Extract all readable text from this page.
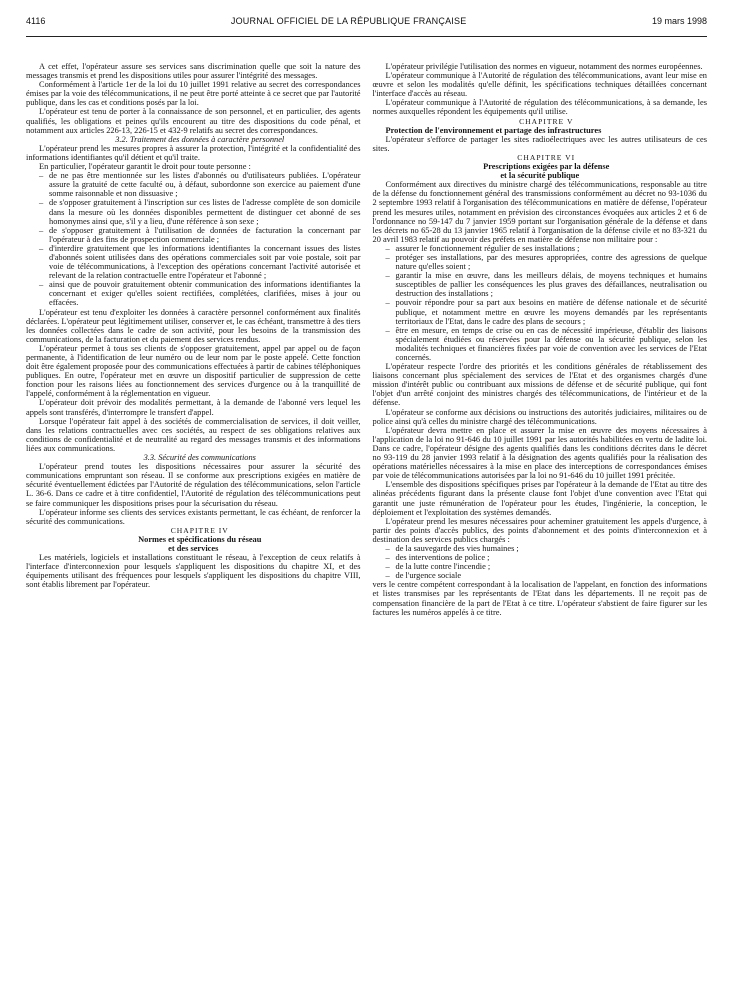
4116	JOURNAL OFFICIEL DE LA RÉPUBLIQUE FRANÇAISE	19 mars 1998

A cet effet, l'opérateur assure ses services sans discrimination quelle que soit la nature des messages transmis et prend les dispositions utiles pour assurer l'intégrité des messages.

Conformément à l'article 1er de la loi du 10 juillet 1991 relative au secret des correspondances émises par la voie des télécommunications, il ne peut être porté atteinte à ce secret que par l'autorité publique, dans les cas et conditions posés par la loi.

L'opérateur est tenu de porter à la connaissance de son personnel, et en particulier, des agents qualifiés, les obligations et peines qu'ils encourent au titre des dispositions du code pénal, et notamment aux articles 226-13, 226-15 et 432-9 relatifs au secret des correspondances.

3.2. Traitement des données à caractère personnel

L'opérateur prend les mesures propres à assurer la protection, l'intégrité et la confidentialité des informations identifiantes qu'il détient et qu'il traite.

En particulier, l'opérateur garantit le droit pour toute personne :

– de ne pas être mentionnée sur les listes d'abonnés ou d'utilisateurs publiées. L'opérateur assure la gratuité de cette faculté ou, à défaut, subordonne son exercice au paiement d'une somme raisonnable et non dissuasive ;
– de s'opposer gratuitement à l'inscription sur ces listes de l'adresse complète de son domicile dans la mesure où les données disponibles permettent de distinguer cet abonné de ses homonymes ainsi que, s'il y a lieu, d'une référence à son sexe ;
– de s'opposer gratuitement à l'utilisation de données de facturation la concernant par l'opérateur à des fins de prospection commerciale ;
– d'interdire gratuitement que les informations identifiantes la concernant issues des listes d'abonnés soient utilisées dans des opérations commerciales soit par voie postale, soit par voie de télécommunications, à l'exception des opérations concernant l'activité autorisée et relevant de la relation contractuelle entre l'opérateur et l'abonné ;
– ainsi que de pouvoir gratuitement obtenir communication des informations identifiantes la concernant et exiger qu'elles soient rectifiées, complétées, clarifiées, mises à jour ou effacées.

L'opérateur est tenu d'exploiter les données à caractère personnel conformément aux finalités déclarées. L'opérateur peut légitimement utiliser, conserver et, le cas échéant, transmettre à des tiers les données collectées dans le cadre de son activité, pour les besoins de la transmission des communications, de la facturation et du paiement des services rendus.

L'opérateur permet à tous ses clients de s'opposer gratuitement, appel par appel ou de façon permanente, à l'identification de leur numéro ou de leur nom par le poste appelé. Cette fonction doit être également proposée pour des communications effectuées à partir de cabines téléphoniques publiques. En outre, l'opérateur met en œuvre un dispositif particulier de suppression de cette fonction pour les raisons liées au fonctionnement des services d'urgence ou à la tranquillité de l'appelé, conformément à la réglementation en vigueur.

L'opérateur doit prévoir des modalités permettant, à la demande de l'abonné vers lequel les appels sont transférés, d'interrompre le transfert d'appel.

Lorsque l'opérateur fait appel à des sociétés de commercialisation de services, il doit veiller, dans les relations contractuelles avec ces sociétés, au respect de ses obligations relatives aux conditions de confidentialité et de neutralité au regard des messages transmis et des informations liées aux communications.

3.3. Sécurité des communications

L'opérateur prend toutes les dispositions nécessaires pour assurer la sécurité des communications empruntant son réseau. Il se conforme aux prescriptions exigées en matière de sécurité éventuellement édictées par l'Autorité de régulation des télécommunications, selon l'article L. 36-6. Dans ce cadre et à titre confidentiel, l'Autorité de régulation des télécommunications peut se faire communiquer les dispositions prises pour la sécurisation du réseau.

L'opérateur informe ses clients des services existants permettant, le cas échéant, de renforcer la sécurité des communications.

CHAPITRE IV

Normes et spécifications du réseau
et des services

Les matériels, logiciels et installations constituant le réseau, à l'exception de ceux relatifs à l'interface d'interconnexion pour lesquels s'appliquent les dispositions du chapitre XI, et des équipements utilisant des fréquences pour lesquels s'appliquent les dispositions du chapitre VIII, sont établis librement par l'opérateur.

L'opérateur privilégie l'utilisation des normes en vigueur, notamment des normes européennes.

L'opérateur communique à l'Autorité de régulation des télécommunications, avant leur mise en œuvre et selon les modalités qu'elle définit, les spécifications techniques détaillées concernant l'interface d'accès au réseau.

L'opérateur communique à l'Autorité de régulation des télécommunications, à sa demande, les normes auxquelles répondent les équipements qu'il utilise.

CHAPITRE V

Protection de l'environnement et partage des infrastructures

L'opérateur s'efforce de partager les sites radioélectriques avec les autres utilisateurs de ces sites.

CHAPITRE VI

Prescriptions exigées par la défense
et la sécurité publique

Conformément aux directives du ministre chargé des télécommunications, responsable au titre de la défense du fonctionnement général des transmissions conformément au décret no 93-1036 du 2 septembre 1993 relatif à l'organisation des télécommunications en matière de défense, l'opérateur prend les mesures utiles, notamment en prévision des circonstances évoquées aux articles 2 et 6 de l'ordonnance no 59-147 du 7 janvier 1959 portant sur l'organisation générale de la défense et dans les décrets no 65-28 du 13 janvier 1965 relatif à l'organisation de la défense civile et no 83-321 du 20 avril 1983 relatif au pouvoir des préfets en matière de défense non militaire pour :

– assurer le fonctionnement régulier de ses installations ;
– protéger ses installations, par des mesures appropriées, contre des agressions de quelque nature qu'elles soient ;
– garantir la mise en œuvre, dans les meilleurs délais, de moyens techniques et humains susceptibles de pallier les conséquences les plus graves des défaillances, neutralisation ou destruction des installations ;
– pouvoir répondre pour sa part aux besoins en matière de défense nationale et de sécurité publique, et notamment mettre en œuvre les moyens demandés par les représentants territoriaux de l'Etat, dans le cadre des plans de secours ;
– être en mesure, en temps de crise ou en cas de nécessité impérieuse, d'établir des liaisons spécialement étudiées ou réservées pour la défense ou la sécurité publique, selon les modalités techniques et financières fixées par voie de convention avec les services de l'Etat concernés.

L'opérateur respecte l'ordre des priorités et les conditions générales de rétablissement des liaisons concernant plus spécialement des services de l'Etat et des organismes chargés d'une mission d'intérêt public ou contribuant aux missions de défense et de sécurité publique, qui font l'objet d'un arrêté conjoint des ministres chargés des télécommunications, de l'intérieur et de la défense.

L'opérateur se conforme aux décisions ou instructions des autorités judiciaires, militaires ou de police ainsi qu'à celles du ministre chargé des télécommunications.

L'opérateur devra mettre en place et assurer la mise en œuvre des moyens nécessaires à l'application de la loi no 91-646 du 10 juillet 1991 par les autorités habilitées en vertu de ladite loi. Dans ce cadre, l'opérateur désigne des agents qualifiés dans les conditions décrites dans le décret no 93-119 du 28 janvier 1993 relatif à la désignation des agents qualifiés pour la réalisation des opérations matérielles nécessaires à la mise en place des interceptions de correspondances émises par voie de télécommunications autorisées par la loi no 91-646 du 10 juillet 1991 précitée.

L'ensemble des dispositions spécifiques prises par l'opérateur à la demande de l'Etat au titre des alinéas précédents figurant dans la présente clause font l'objet d'une convention avec l'Etat qui garantit une juste rémunération de l'opérateur pour les études, l'ingénierie, la conception, le déploiement et l'exploitation des systèmes demandés.

L'opérateur prend les mesures nécessaires pour acheminer gratuitement les appels d'urgence, à partir des points d'accès publics, des points d'abonnement et des points d'interconnexion et à destination des services publics chargés :

– de la sauvegarde des vies humaines ;
– des interventions de police ;
– de la lutte contre l'incendie ;
– de l'urgence sociale

vers le centre compétent correspondant à la localisation de l'appelant, en fonction des informations et listes transmises par les représentants de l'Etat dans les départements. Il ne reçoit pas de compensation financière de la part de l'Etat à ce titre. L'opérateur s'abstient de faire figurer sur les factures les numéros appelés à ce titre.
